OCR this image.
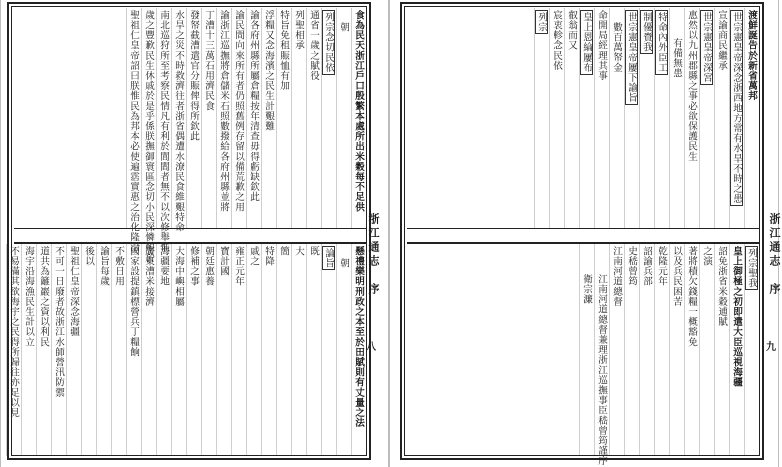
食為民天浙江戶口殷繁本處所出米穀每不足供
朝
列宗念切民依
通省一歲之賦役
列聖相承
特旨免租賑恤有加
浮糧又念海濱之民生計艱難
諭各府州縣所屬倉糧按年清查毋得虧缺欽此
諭民間向來所有者仍照舊例存留以備荒歉之用
諭浙江巡撫將倉儲米石照數撥給各府州縣並將
丁漕十三萬石用濟民食
發帑截漕遣官分賑俾得所欽此
水旱之災不時救濟往者浙省偶遭水潦民食維艱特命
南北巡狩所至考察民情凡有利於閭閻者無不以次修舉惟
歲之豐歉民生休戚於是乎係朕撫御寰區念切小民深憐艱於
聖祖仁皇帝詔曰朕惟民為邦本必使遍霑實惠之治化隆洽
懸禮樂明刑政之本至於田賦則有丈量之法
朝
論旨
既
大
簡
特降
戚之
雍正元年
寶計國
朝廷惠養
修補之事
大海中嶼相屬
海疆要地
廣東漕米接濟
國家設提鎮標營兵丁糧餉
不敷日用
諭旨每歲
後以
聖祖仁皇帝深念海疆
不可一日廢者故浙江水師營汛防禦
道共為籬巖之資以利民
海宇沿海漁民生計以立
不易滿其欲海宇之民得所歸往亦足以見
浙江通志　序
八
渡鮮誕告於新省萬邦
世宗憲皇帝深念浙西地方常有水旱不時之患
宣諭商民繼承
世宗憲皇帝深宮
惠然以九州郡縣之事必欲保護民生
有備無患
特命內外臣工
制優賚我
世宗憲皇帝屢下諭旨
數百萬帑金
命開局經理其事
皇上恩綸屢布
叡翁而又
宸衷軫念民依
列宗
列宗聖我
皇上御極之初即遣大臣巡視海疆
詔免浙省米穀逋賦
之演
著將積欠錢糧一概豁免
以及兵民困苦
乾隆元年
詔諭兵部
史嵇曾筠
江南河道總督
江南河道總督兼理浙江巡撫事臣嵇曾筠謹序
衛宗濂
浙江通志　序
九
